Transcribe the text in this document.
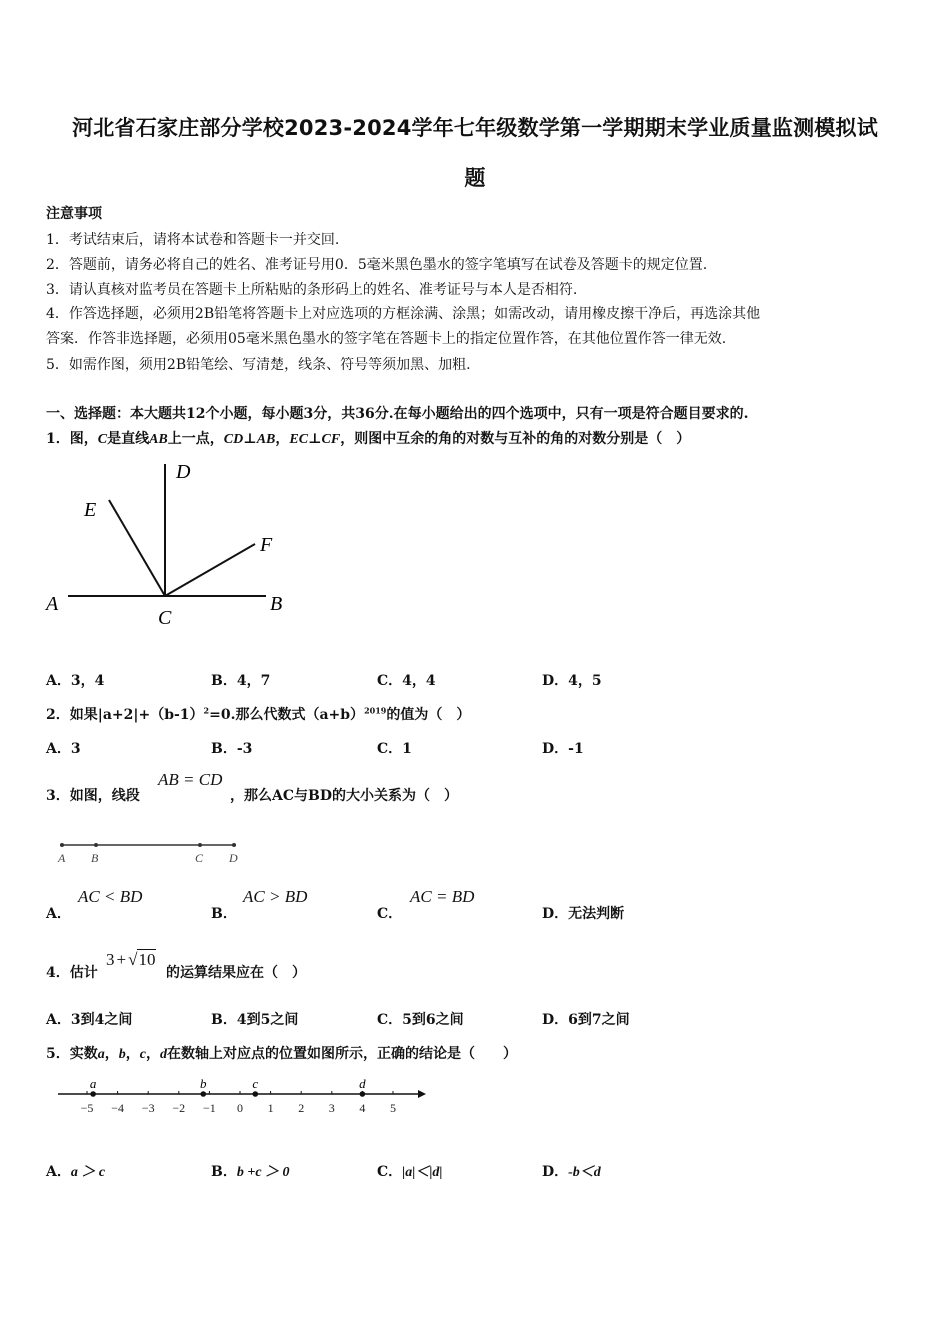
河北省石家庄部分学校2023-2024学年七年级数学第一学期期末学业质量监测模拟试
题
注意事项
1．考试结束后，请将本试卷和答题卡一并交回.
2．答题前，请务必将自己的姓名、准考证号用0．5毫米黑色墨水的签字笔填写在试卷及答题卡的规定位置.
3．请认真核对监考员在答题卡上所粘贴的条形码上的姓名、准考证号与本人是否相符.
4．作答选择题，必须用2B铅笔将答题卡上对应选项的方框涂满、涂黑；如需改动，请用橡皮擦干净后，再选涂其他
答案．作答非选择题，必须用05毫米黑色墨水的签字笔在答题卡上的指定位置作答，在其他位置作答一律无效.
5．如需作图，须用2B铅笔绘、写清楚，线条、符号等须加黑、加粗.
一、选择题：本大题共12个小题，每小题3分，共36分.在每小题给出的四个选项中，只有一项是符合题目要求的.
1．图，C是直线AB上一点，CD⊥AB，EC⊥CF，则图中互余的角的对数与互补的角的对数分别是（　）
D
E
F
A	B
C
A．3，4	B．4，7	C．4，4	D．4，5
2．如果$|a+2|+(b-1)^2=0$.那么代数式$(a+b)^{2019}$的值为（　）
A．3	B．-3	C．1	D．-1
3．如图，线段
AB = CD
，那么AC与BD的大小关系为（　）
A B	C D
A．
AC < BD
B．
AC > BD
C．
AC = BD
D．无法判断
4．估计
3 + √10
的运算结果应在（　）
A．3到4之间	B．4到5之间	C．5到6之间	D．6到7之间
5．实数a，b，c，d在数轴上对应点的位置如图所示，正确的结论是（　　）
−5 −4 −3 −2 −1 0 1 2 3 4 5
a	b	c	d
A．a ＞ c	B．b +c ＞ 0	C．|a|＜|d|	D．-b＜d
